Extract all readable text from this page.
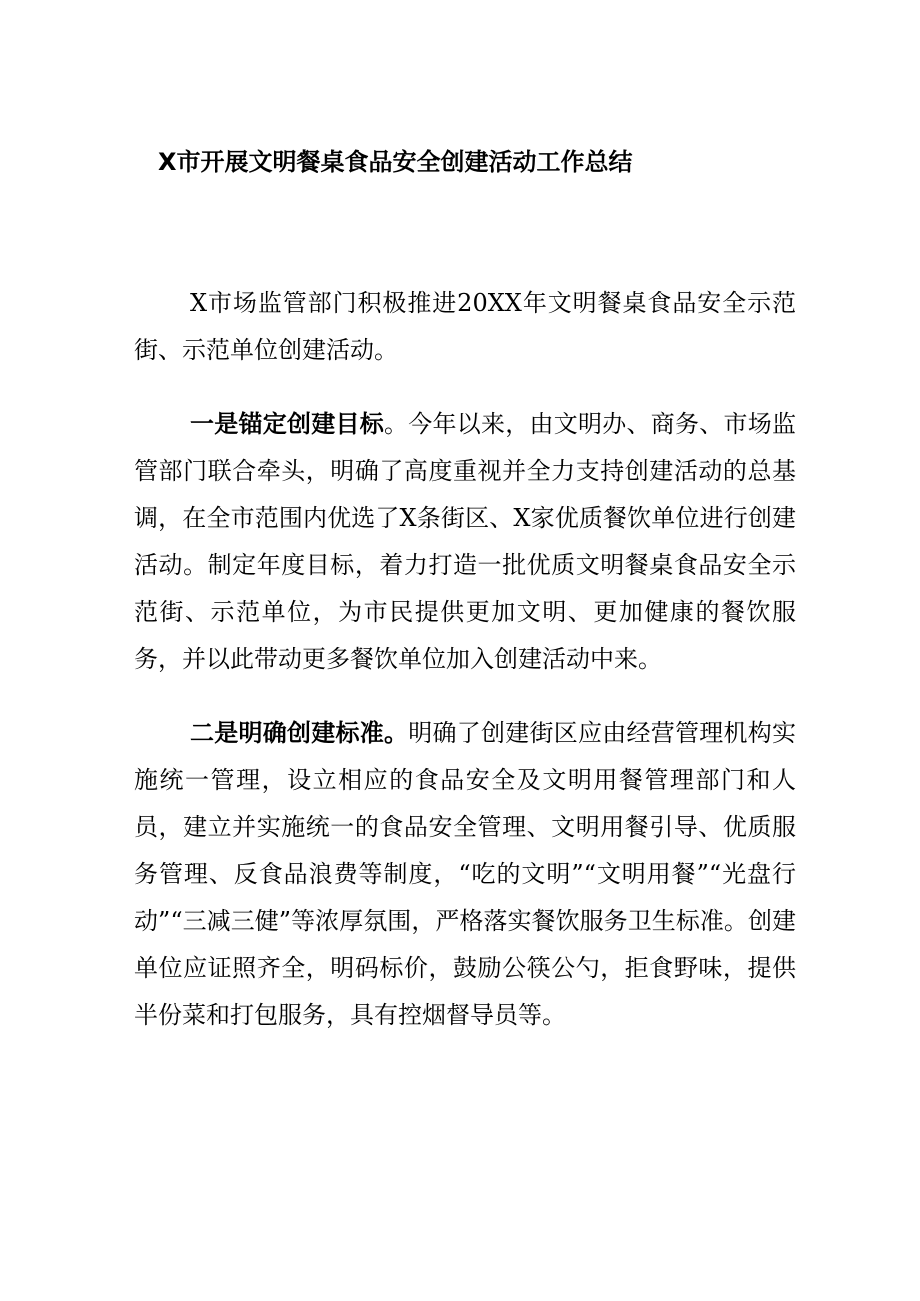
X市开展文明餐桌食品安全创建活动工作总结

X市场监管部门积极推进20XX年文明餐桌食品安全示范街、示范单位创建活动。

一是锚定创建目标。今年以来，由文明办、商务、市场监管部门联合牵头，明确了高度重视并全力支持创建活动的总基调，在全市范围内优选了X条街区、X家优质餐饮单位进行创建活动。制定年度目标，着力打造一批优质文明餐桌食品安全示范街、示范单位，为市民提供更加文明、更加健康的餐饮服务，并以此带动更多餐饮单位加入创建活动中来。

二是明确创建标准。明确了创建街区应由经营管理机构实施统一管理，设立相应的食品安全及文明用餐管理部门和人员，建立并实施统一的食品安全管理、文明用餐引导、优质服务管理、反食品浪费等制度，“吃的文明”“文明用餐”“光盘行动”“三减三健”等浓厚氛围，严格落实餐饮服务卫生标准。创建单位应证照齐全，明码标价，鼓励公筷公勺，拒食野味，提供半份菜和打包服务，具有控烟督导员等。
